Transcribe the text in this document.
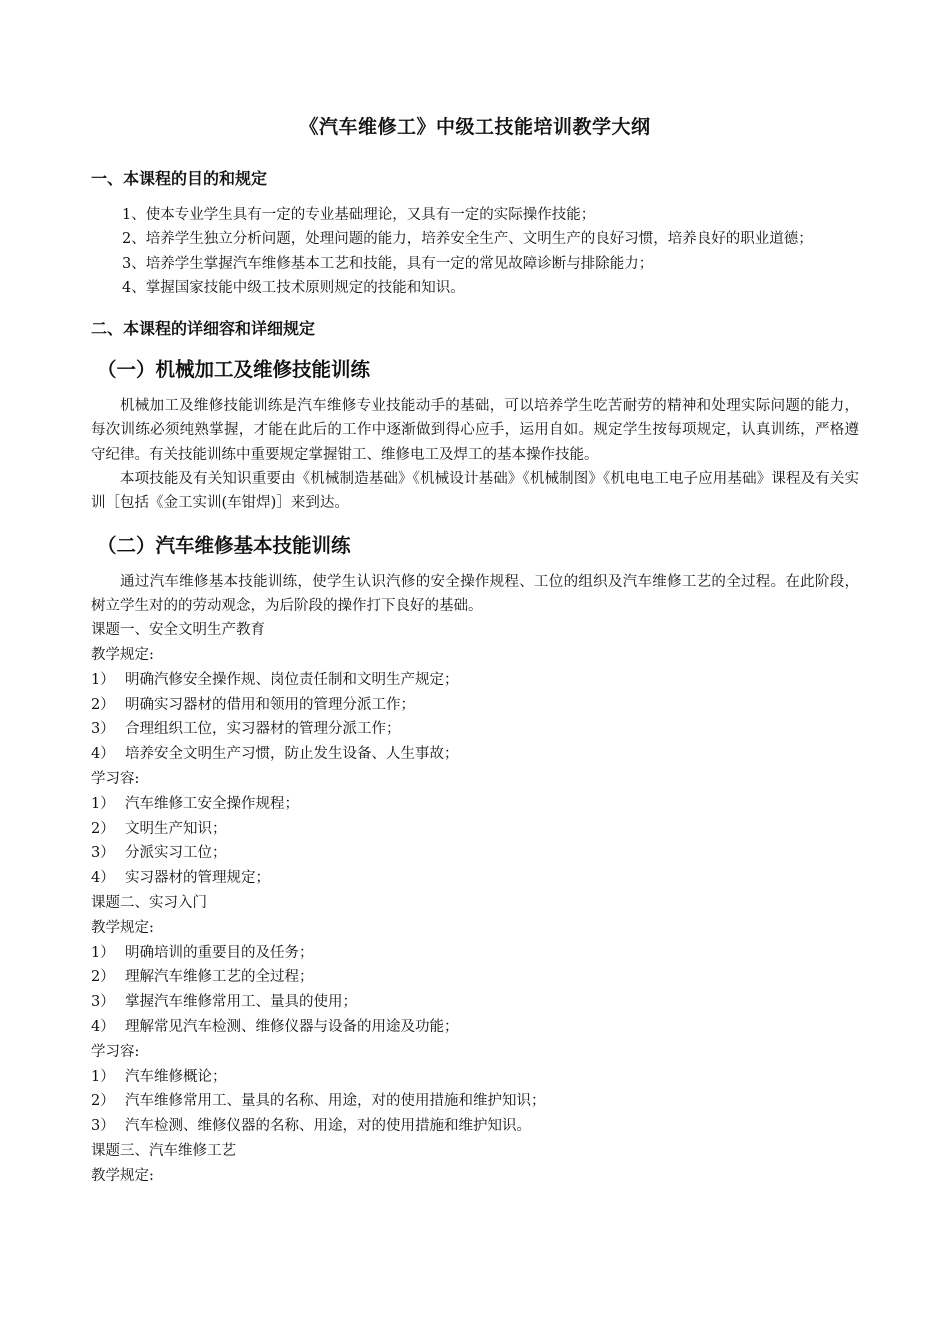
《汽车维修工》中级工技能培训教学大纲
一、本课程的目的和规定

1、使本专业学生具有一定的专业基础理论，又具有一定的实际操作技能；

2、培养学生独立分析问题，处理问题的能力，培养安全生产、文明生产的良好习惯，培养良好的职业道德；

3、培养学生掌握汽车维修基本工艺和技能，具有一定的常见故障诊断与排除能力；

4、掌握国家技能中级工技术原则规定的技能和知识。

二、本课程的详细容和详细规定
（一）机械加工及维修技能训练

机械加工及维修技能训练是汽车维修专业技能动手的基础，可以培养学生吃苦耐劳的精神和处理实际问题的能力，每次训练必须纯熟掌握，才能在此后的工作中逐渐做到得心应手，运用自如。规定学生按每项规定，认真训练，严格遵守纪律。有关技能训练中重要规定掌握钳工、维修电工及焊工的基本操作技能。

本项技能及有关知识重要由《机械制造基础》《机械设计基础》《机械制图》《机电电工电子应用基础》课程及有关实训［包括《金工实训(车钳焊)］来到达。

（二）汽车维修基本技能训练

通过汽车维修基本技能训练，使学生认识汽修的安全操作规程、工位的组织及汽车维修工艺的全过程。在此阶段，树立学生对的的劳动观念，为后阶段的操作打下良好的基础。

课题一、安全文明生产教育

教学规定:

1） 明确汽修安全操作规、岗位责任制和文明生产规定；

2） 明确实习器材的借用和领用的管理分派工作；

3） 合理组织工位，实习器材的管理分派工作；

4） 培养安全文明生产习惯，防止发生设备、人生事故；

学习容:

1） 汽车维修工安全操作规程；

2） 文明生产知识；

3） 分派实习工位；

4） 实习器材的管理规定；

课题二、实习入门

教学规定:

1） 明确培训的重要目的及任务；

2） 理解汽车维修工艺的全过程；

3） 掌握汽车维修常用工、量具的使用；

4） 理解常见汽车检测、维修仪器与设备的用途及功能；

学习容:

1） 汽车维修概论；

2） 汽车维修常用工、量具的名称、用途，对的使用措施和维护知识；

3） 汽车检测、维修仪器的名称、用途，对的使用措施和维护知识。

课题三、汽车维修工艺

教学规定:
